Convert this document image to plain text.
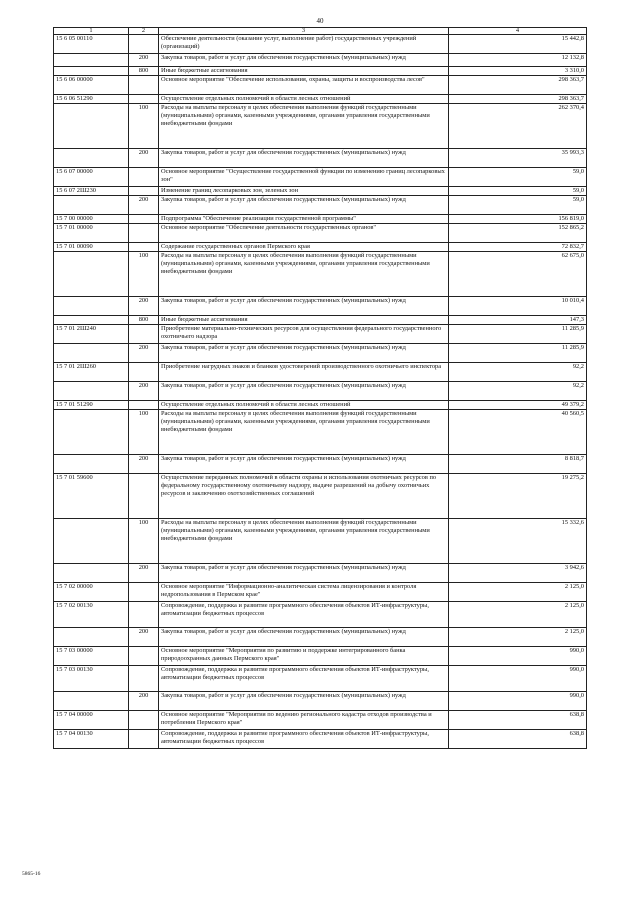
40
1	2	3	4
15 6 05 00110		Обеспечение деятельности (оказание услуг, выполнение работ) государственных учреждений (организаций)	15 442,8
	200	Закупка товаров, работ и услуг для обеспечения государственных (муниципальных) нужд	12 132,8
	800	Иные бюджетные ассигнования	3 310,0
15 6 06 00000		Основное мероприятие "Обеспечение использования, охраны, защиты и воспроизводства лесов"	298 363,7
15 6 06 51290		Осуществление отдельных полномочий в области лесных отношений	298 363,7
	100	Расходы на выплаты персоналу в целях обеспечения выполнения функций государственными (муниципальными) органами, казенными учреждениями, органами управления государственными внебюджетными фондами	262 370,4
	200	Закупка товаров, работ и услуг для обеспечения государственных (муниципальных) нужд	35 993,3
15 6 07 00000		Основное мероприятие "Осуществление государственной функции по изменению границ лесопарковых зон"	59,0
15 6 07 2Ш230		Изменение границ лесопарковых зон, зеленых зон	59,0
	200	Закупка товаров, работ и услуг для обеспечения государственных (муниципальных) нужд	59,0
15 7 00 00000		Подпрограмма "Обеспечение реализации государственной программы"	156 819,0
15 7 01 00000		Основное мероприятие "Обеспечение деятельности государственных органов"	152 865,2
15 7 01 00090		Содержание государственных органов Пермского края	72 832,7
	100	Расходы на выплаты персоналу в целях обеспечения выполнения функций государственными (муниципальными) органами, казенными учреждениями, органами управления государственными внебюджетными фондами	62 675,0
	200	Закупка товаров, работ и услуг для обеспечения государственных (муниципальных) нужд	10 010,4
	800	Иные бюджетные ассигнования	147,3
15 7 01 2Ш240		Приобретение материально-технических ресурсов для осуществления федерального государственного охотничьего надзора	11 285,9
	200	Закупка товаров, работ и услуг для обеспечения государственных (муниципальных) нужд	11 285,9
15 7 01 2Ш260		Приобретение нагрудных знаков и бланков удостоверений производственного охотничьего инспектора	92,2
	200	Закупка товаров, работ и услуг для обеспечения государственных (муниципальных) нужд	92,2
15 7 01 51290		Осуществление отдельных полномочий в области лесных отношений	49 379,2
	100	Расходы на выплаты персоналу в целях обеспечения выполнения функций государственными (муниципальными) органами, казенными учреждениями, органами управления государственными внебюджетными фондами	40 560,5
	200	Закупка товаров, работ и услуг для обеспечения государственных (муниципальных) нужд	8 818,7
15 7 01 59600		Осуществление переданных полномочий в области охраны и использования охотничьих ресурсов по федеральному государственному охотничьему надзору, выдаче разрешений на добычу охотничьих ресурсов и заключению охотхозяйственных соглашений	19 275,2
	100	Расходы на выплаты персоналу в целях обеспечения выполнения функций государственными (муниципальными) органами, казенными учреждениями, органами управления государственными внебюджетными фондами	15 332,6
	200	Закупка товаров, работ и услуг для обеспечения государственных (муниципальных) нужд	3 942,6
15 7 02 00000		Основное мероприятие "Информационно-аналитическая система лицензирования и контроля недропользования в Пермском крае"	2 125,0
15 7 02 00130		Сопровождение, поддержка и развитие программного обеспечения объектов ИТ-инфраструктуры, автоматизации бюджетных процессов	2 125,0
	200	Закупка товаров, работ и услуг для обеспечения государственных (муниципальных) нужд	2 125,0
15 7 03 00000		Основное мероприятие "Мероприятия по развитию и поддержке интегрированного банка природоохранных данных Пермского края"	990,0
15 7 03 00130		Сопровождение, поддержка и развитие программного обеспечения объектов ИТ-инфраструктуры, автоматизации бюджетных процессов	990,0
	200	Закупка товаров, работ и услуг для обеспечения государственных (муниципальных) нужд	990,0
15 7 04 00000		Основное мероприятие "Мероприятия по ведению регионального кадастра отходов производства и потребления Пермского края"	638,8
15 7 04 00130		Сопровождение, поддержка и развитие программного обеспечения объектов ИТ-инфраструктуры, автоматизации бюджетных процессов	638,8
5865-16
